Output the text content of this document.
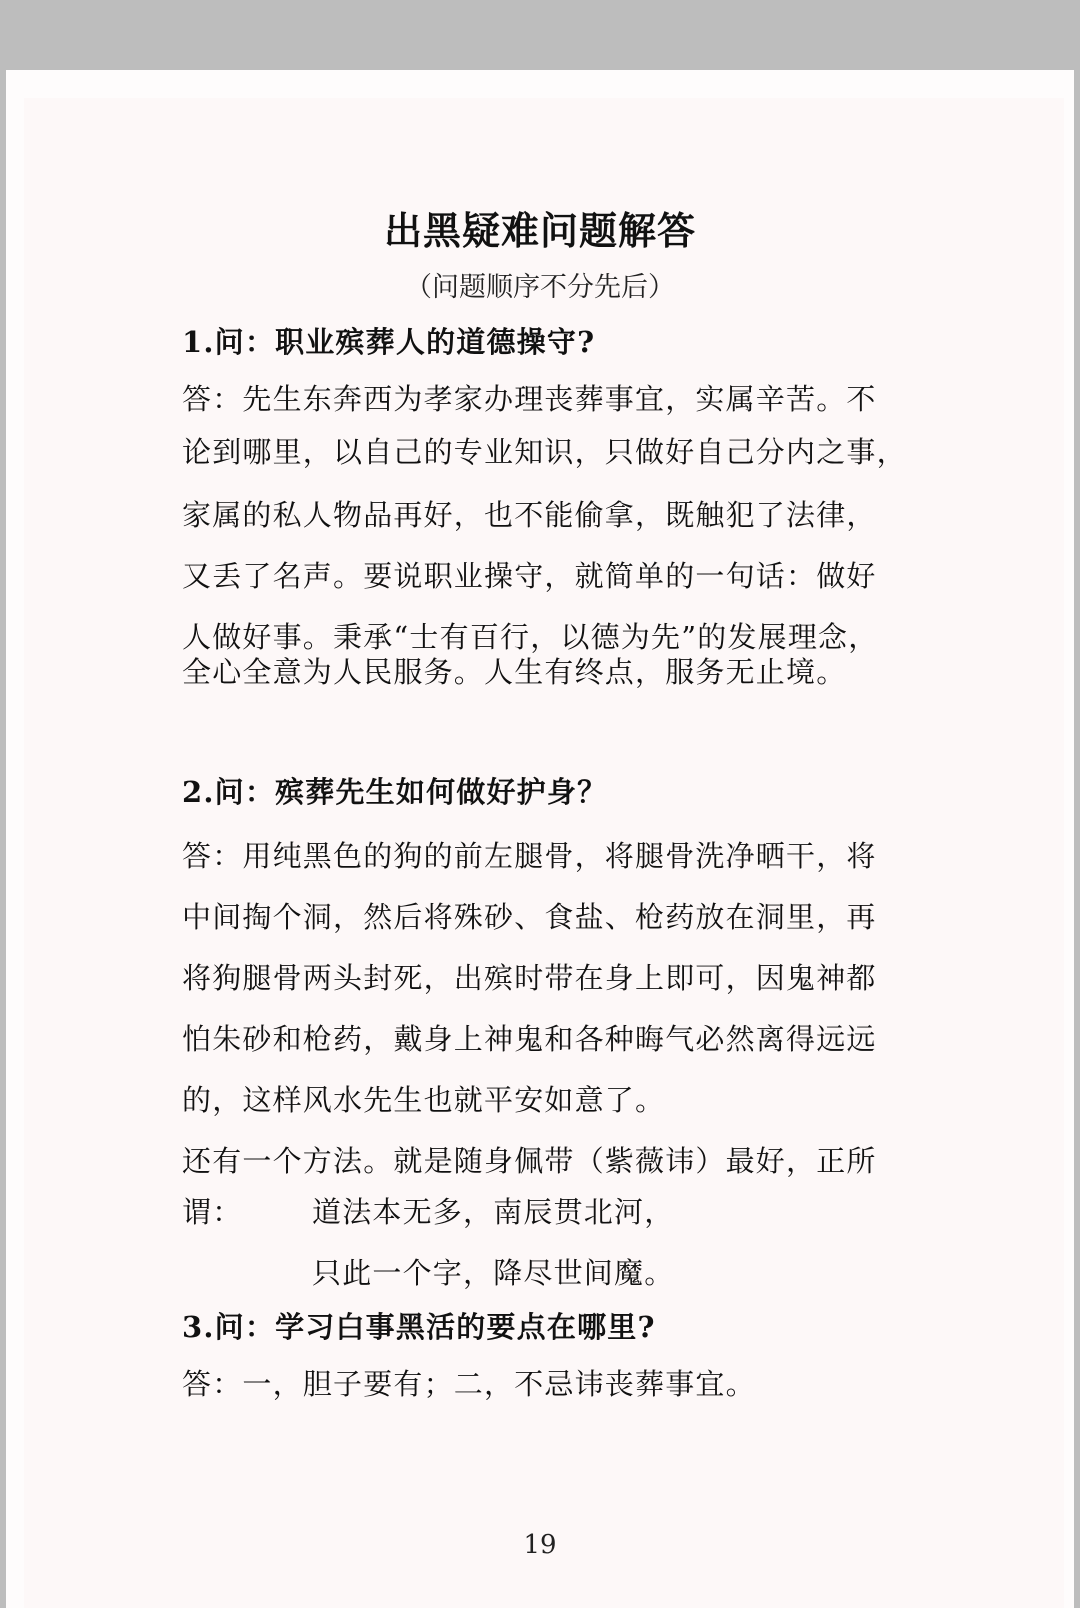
出黑疑难问题解答
（问题顺序不分先后）
1.问：职业殡葬人的道德操守?
答：先生东奔西为孝家办理丧葬事宜，实属辛苦。不
论到哪里，以自己的专业知识，只做好自己分内之事，
家属的私人物品再好，也不能偷拿，既触犯了法律，
又丢了名声。要说职业操守，就简单的一句话：做好
人做好事。秉承“士有百行，以德为先”的发展理念，
全心全意为人民服务。人生有终点，服务无止境。
2.问：殡葬先生如何做好护身？
答：用纯黑色的狗的前左腿骨，将腿骨洗净晒干，将
中间掏个洞，然后将殊砂、食盐、枪药放在洞里，再
将狗腿骨两头封死，出殡时带在身上即可，因鬼神都
怕朱砂和枪药，戴身上神鬼和各种晦气必然离得远远
的，这样风水先生也就平安如意了。
还有一个方法。就是随身佩带（紫薇讳）最好，正所
谓： 道法本无多，南辰贯北河，
只此一个字，降尽世间魔。
3.问：学习白事黑活的要点在哪里?
答：一，胆子要有；二，不忌讳丧葬事宜。
19
